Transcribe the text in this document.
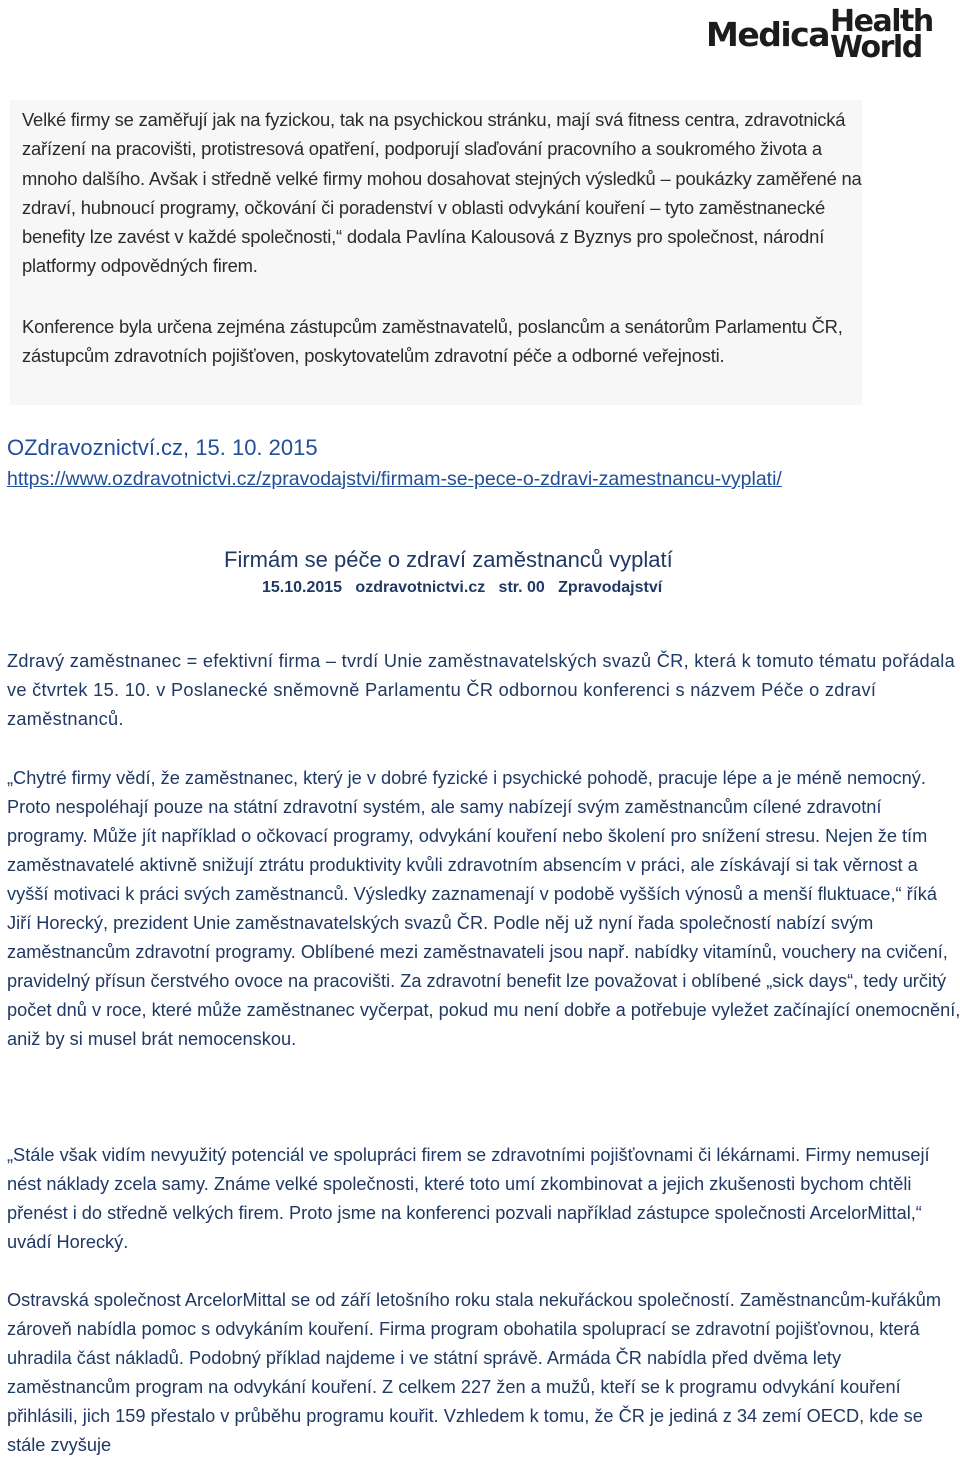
Medica Health
World

Velké firmy se zaměřují jak na fyzickou, tak na psychickou stránku, mají svá fitness centra, zdravotnická zařízení na pracovišti, protistresová opatření, podporují slaďování pracovního a soukromého života a mnoho dalšího. Avšak i středně velké firmy mohou dosahovat stejných výsledků – poukázky zaměřené na zdraví, hubnoucí programy, očkování či poradenství v oblasti odvykání kouření – tyto zaměstnanecké benefity lze zavést v každé společnosti,“ dodala Pavlína Kalousová z Byznys pro společnost, národní platformy odpovědných firem.

Konference byla určena zejména zástupcům zaměstnavatelů, poslancům a senátorům Parlamentu ČR, zástupcům zdravotních pojišťoven, poskytovatelům zdravotní péče a odborné veřejnosti.

OZdravoznictví.cz, 15. 10. 2015
https://www.ozdravotnictvi.cz/zpravodajstvi/firmam-se-pece-o-zdravi-zamestnancu-vyplati/
Firmám se péče o zdraví zaměstnanců vyplatí
15.10.2015   ozdravotnictvi.cz   str. 00   Zpravodajství

Zdravý zaměstnanec = efektivní firma – tvrdí Unie zaměstnavatelských svazů ČR, která k tomuto tématu pořádala ve čtvrtek 15. 10. v Poslanecké sněmovně Parlamentu ČR odbornou konferenci s názvem Péče o zdraví zaměstnanců.

„Chytré firmy vědí, že zaměstnanec, který je v dobré fyzické i psychické pohodě, pracuje lépe a je méně nemocný. Proto nespoléhají pouze na státní zdravotní systém, ale samy nabízejí svým zaměstnancům cílené zdravotní programy. Může jít například o očkovací programy, odvykání kouření nebo školení pro snížení stresu. Nejen že tím zaměstnavatelé aktivně snižují ztrátu produktivity kvůli zdravotním absencím v práci, ale získávají si tak věrnost a vyšší motivaci k práci svých zaměstnanců. Výsledky zaznamenají v podobě vyšších výnosů a menší fluktuace,“ říká Jiří Horecký, prezident Unie zaměstnavatelských svazů ČR. Podle něj už nyní řada společností nabízí svým zaměstnancům zdravotní programy. Oblíbené mezi zaměstnavateli jsou např. nabídky vitamínů, vouchery na cvičení, pravidelný přísun čerstvého ovoce na pracovišti. Za zdravotní benefit lze považovat i oblíbené „sick days“, tedy určitý počet dnů v roce, které může zaměstnanec vyčerpat, pokud mu není dobře a potřebuje vyležet začínající onemocnění, aniž by si musel brát nemocenskou.

„Stále však vidím nevyužitý potenciál ve spolupráci firem se zdravotními pojišťovnami či lékárnami. Firmy nemusejí nést náklady zcela samy. Známe velké společnosti, které toto umí zkombinovat a jejich zkušenosti bychom chtěli přenést i do středně velkých firem. Proto jsme na konferenci pozvali například zástupce společnosti ArcelorMittal,“ uvádí Horecký.

Ostravská společnost ArcelorMittal se od září letošního roku stala nekuřáckou společností. Zaměstnancům-kuřákům zároveň nabídla pomoc s odvykáním kouření. Firma program obohatila spoluprací se zdravotní pojišťovnou, která uhradila část nákladů. Podobný příklad najdeme i ve státní správě. Armáda ČR nabídla před dvěma lety zaměstnancům program na odvykání kouření. Z celkem 227 žen a mužů, kteří se k programu odvykání kouření přihlásili, jich 159 přestalo v průběhu programu kouřit. Vzhledem k tomu, že ČR je jediná z 34 zemí OECD, kde se stále zvyšuje
